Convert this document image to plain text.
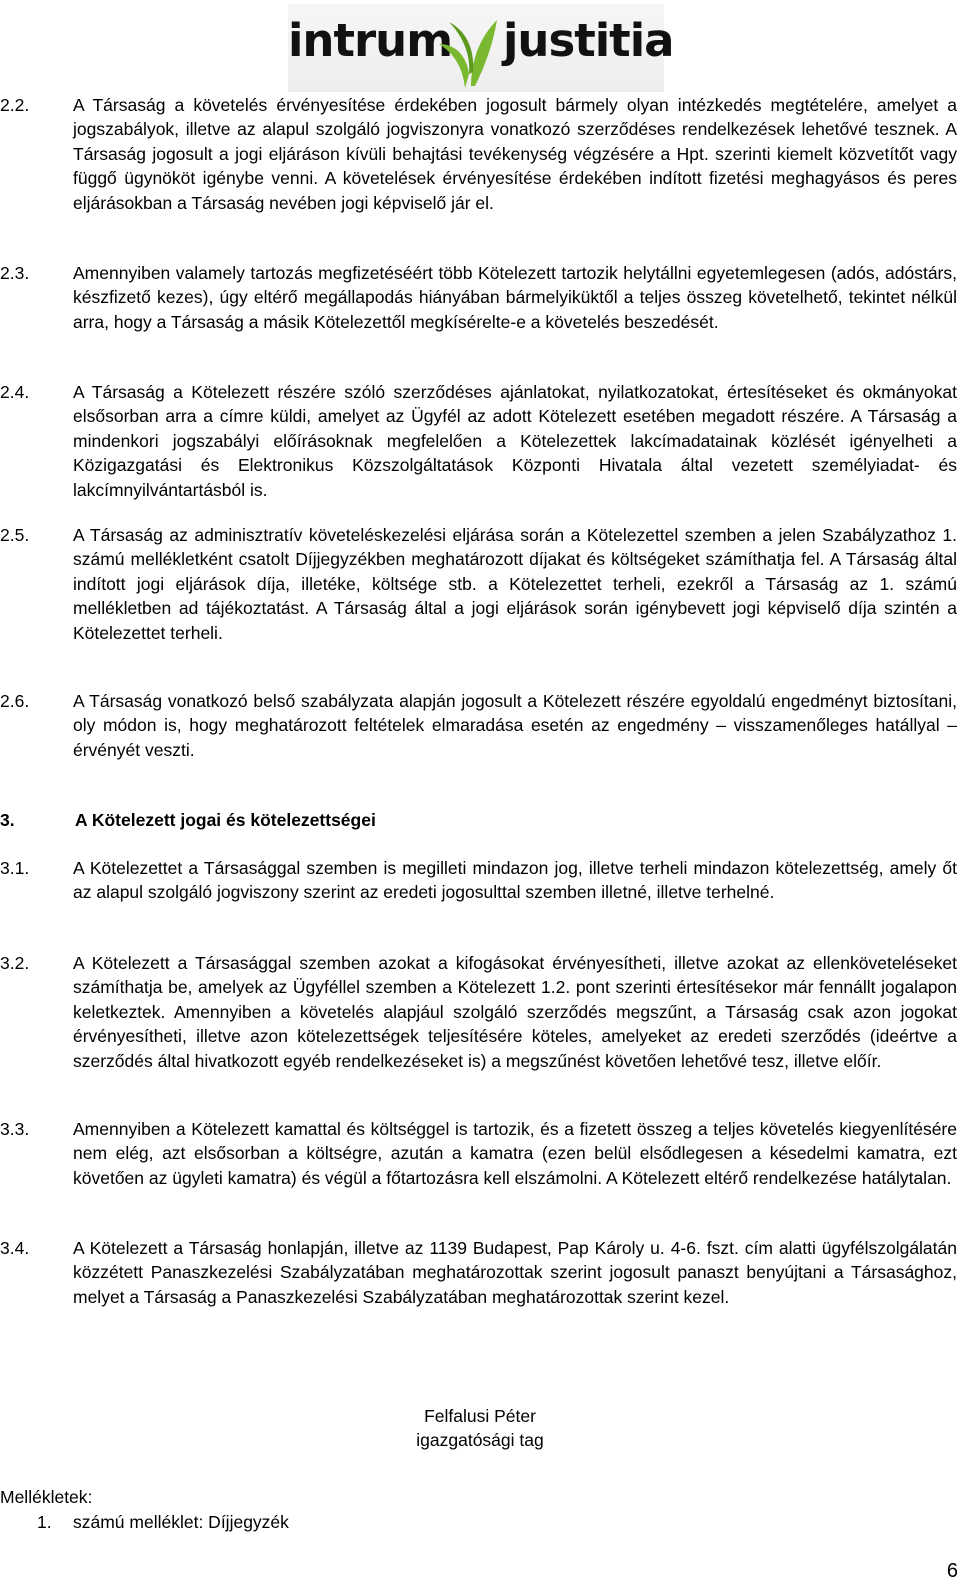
intrum justitia
2.2.	A Társaság a követelés érvényesítése érdekében jogosult bármely olyan intézkedés megtételére, amelyet a jogszabályok, illetve az alapul szolgáló jogviszonyra vonatkozó szerződéses rendelkezések lehetővé tesznek. A Társaság jogosult a jogi eljáráson kívüli behajtási tevékenység végzésére a Hpt. szerinti kiemelt közvetítőt vagy függő ügynököt igénybe venni. A követelések érvényesítése érdekében indított fizetési meghagyásos és peres eljárásokban a Társaság nevében jogi képviselő jár el.
2.3.	Amennyiben valamely tartozás megfizetéséért több Kötelezett tartozik helytállni egyetemlegesen (adós, adóstárs, készfizető kezes), úgy eltérő megállapodás hiányában bármelyiküktől a teljes összeg követelhető, tekintet nélkül arra, hogy a Társaság a másik Kötelezettől megkísérelte-e a követelés beszedését.
2.4.	A Társaság a Kötelezett részére szóló szerződéses ajánlatokat, nyilatkozatokat, értesítéseket és okmányokat elsősorban arra a címre küldi, amelyet az Ügyfél az adott Kötelezett esetében megadott részére. A Társaság a mindenkori jogszabályi előírásoknak megfelelően a Kötelezettek lakcímadatainak közlését igényelheti a Közigazgatási és Elektronikus Közszolgáltatások Központi Hivatala által vezetett személyiadat- és lakcímnyilvántartásból is.
2.5.	A Társaság az adminisztratív követeléskezelési eljárása során a Kötelezettel szemben a jelen Szabályzathoz 1. számú mellékletként csatolt Díjjegyzékben meghatározott díjakat és költségeket számíthatja fel. A Társaság által indított jogi eljárások díja, illetéke, költsége stb. a Kötelezettet terheli, ezekről a Társaság az 1. számú mellékletben ad tájékoztatást. A Társaság által a jogi eljárások során igénybevett jogi képviselő díja szintén a Kötelezettet terheli.
2.6.	A Társaság vonatkozó belső szabályzata alapján jogosult a Kötelezett részére egyoldalú engedményt biztosítani, oly módon is, hogy meghatározott feltételek elmaradása esetén az engedmény – visszamenőleges hatállyal – érvényét veszti.
3.	A Kötelezett jogai és kötelezettségei
3.1.	A Kötelezettet a Társasággal szemben is megilleti mindazon jog, illetve terheli mindazon kötelezettség, amely őt az alapul szolgáló jogviszony szerint az eredeti jogosulttal szemben illetné, illetve terhelné.
3.2.	A Kötelezett a Társasággal szemben azokat a kifogásokat érvényesítheti, illetve azokat az ellenköveteléseket számíthatja be, amelyek az Ügyféllel szemben a Kötelezett 1.2. pont szerinti értesítésekor már fennállt jogalapon keletkeztek. Amennyiben a követelés alapjául szolgáló szerződés megszűnt, a Társaság csak azon jogokat érvényesítheti, illetve azon kötelezettségek teljesítésére köteles, amelyeket az eredeti szerződés (ideértve a szerződés által hivatkozott egyéb rendelkezéseket is) a megszűnést követően lehetővé tesz, illetve előír.
3.3.	Amennyiben a Kötelezett kamattal és költséggel is tartozik, és a fizetett összeg a teljes követelés kiegyenlítésére nem elég, azt elsősorban a költségre, azután a kamatra (ezen belül elsődlegesen a késedelmi kamatra, ezt követően az ügyleti kamatra) és végül a főtartozásra kell elszámolni. A Kötelezett eltérő rendelkezése hatálytalan.
3.4.	A Kötelezett a Társaság honlapján, illetve az 1139 Budapest, Pap Károly u. 4-6. fszt. cím alatti ügyfélszolgálatán közzétett Panaszkezelési Szabályzatában meghatározottak szerint jogosult panaszt benyújtani a Társasághoz, melyet a Társaság a Panaszkezelési Szabályzatában meghatározottak szerint kezel.
Felfalusi Péter
igazgatósági tag
Mellékletek:
1. számú melléklet: Díjjegyzék
6
